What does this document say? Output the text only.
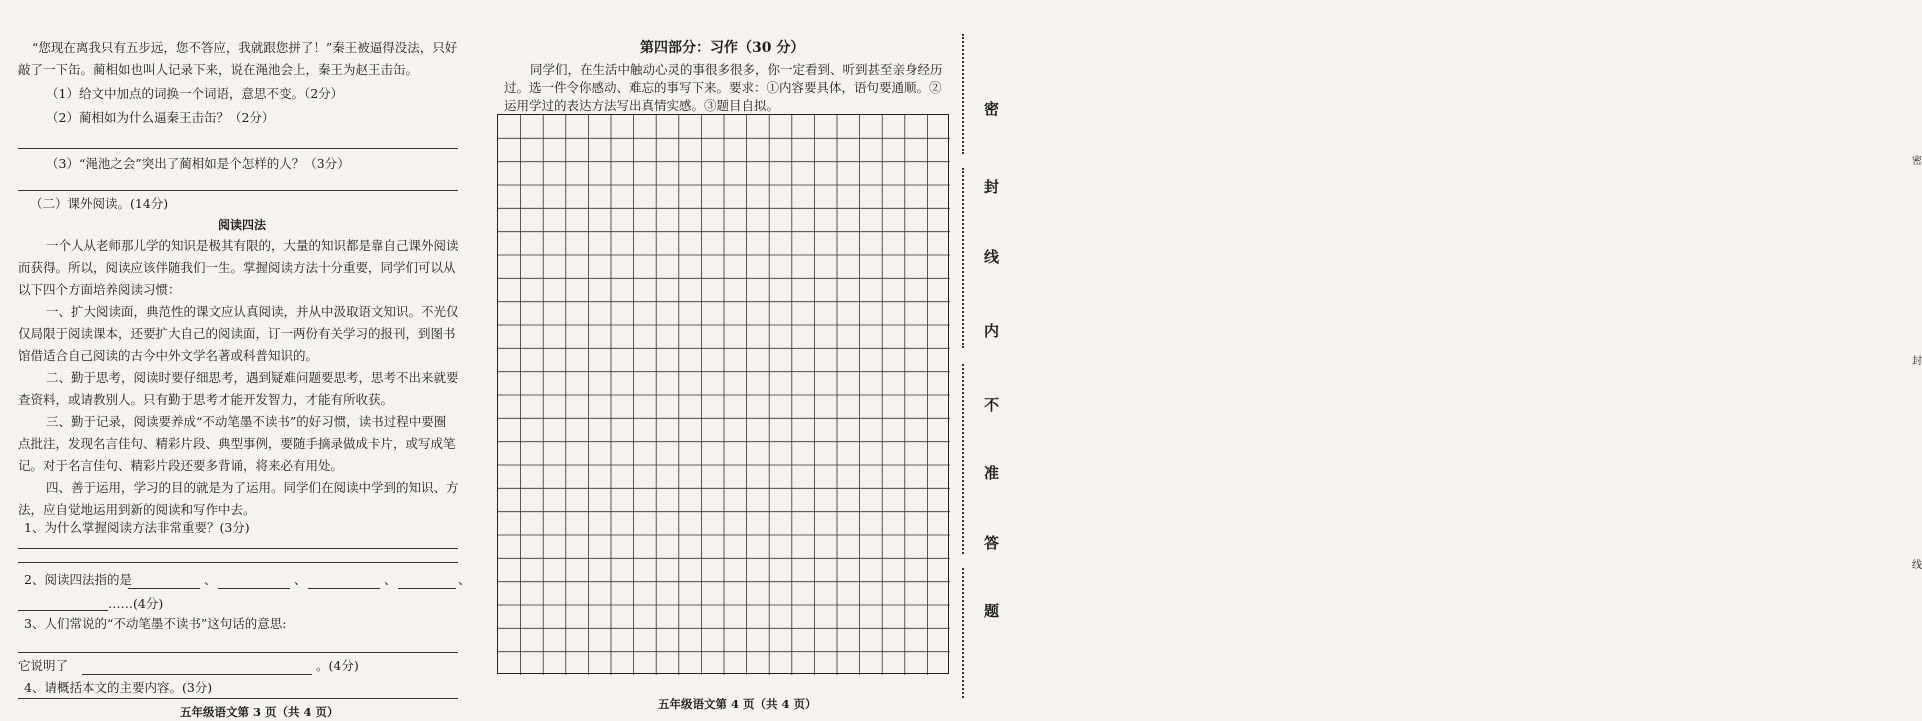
“您现在离我只有五步远，您不答应，我就跟您拼了！”秦王被逼得没法，只好
敲了一下缶。蔺相如也叫人记录下来，说在渑池会上，秦王为赵王击缶。
（1）给文中加点的词换一个词语，意思不变。（2分）
（2）蔺相如为什么逼秦王击缶？（2分）
（3）“渑池之会”突出了蔺相如是个怎样的人？（3分）
（二）课外阅读。(14分)
阅读四法
一个人从老师那儿学的知识是极其有限的，大量的知识都是靠自己课外阅读
而获得。所以，阅读应该伴随我们一生。掌握阅读方法十分重要，同学们可以从
以下四个方面培养阅读习惯：
一、扩大阅读面，典范性的课文应认真阅读，并从中汲取语文知识。不光仅
仅局限于阅读课本，还要扩大自己的阅读面，订一两份有关学习的报刊，到图书
馆借适合自己阅读的古今中外文学名著或科普知识的。
二、勤于思考，阅读时要仔细思考，遇到疑难问题要思考，思考不出来就要
查资料，或请教别人。只有勤于思考才能开发智力，才能有所收获。
三、勤于记录，阅读要养成“不动笔墨不读书”的好习惯，读书过程中要圈
点批注，发现名言佳句、精彩片段、典型事例，要随手摘录做成卡片，或写成笔
记。对于名言佳句、精彩片段还要多背诵，将来必有用处。
四、善于运用，学习的目的就是为了运用。同学们在阅读中学到的知识、方
法，应自觉地运用到新的阅读和写作中去。
1、为什么掌握阅读方法非常重要？(3分)
2、阅读四法指的是	、	、	、	、
……(4分)
3、人们常说的“不动笔墨不读书”这句话的意思:
它说明了	。(4分)
4、请概括本文的主要内容。(3分)
五年级语文第 3 页（共 4 页）
第四部分：习作（30 分）
同学们，在生活中触动心灵的事很多很多，你一定看到、听到甚至亲身经历
过。选一件令你感动、难忘的事写下来。要求：①内容要具体，语句要通顺。②
运用学过的表达方法写出真情实感。③题目自拟。
五年级语文第 4 页（共 4 页）
密
封
线
密
封
线
内
不
准
答
题
